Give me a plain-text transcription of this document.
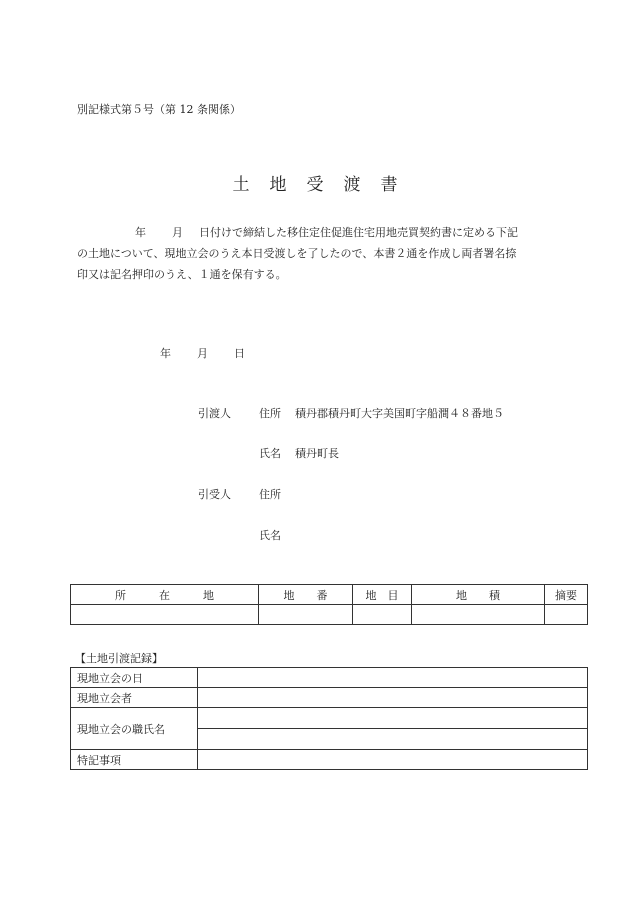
別記様式第５号（第 12 条関係）
土 地 受 渡 書
年 月 日付けで締結した移住定住促進住宅用地売買契約書に定める下記
の土地について、現地立会のうえ本日受渡しを了したので、本書２通を作成し両者署名捺
印又は記名押印のうえ、１通を保有する。
年 月 日
引渡人	住所 積丹郡積丹町大字美国町字船澗４８番地５
氏名 積丹町長
引受人	住所
氏名
所　　　在　　　地	地　　番	地　目	地　　積	摘要

【土地引渡記録】
現地立会の日	
現地立会者	
現地立会の職氏名	

特記事項	
